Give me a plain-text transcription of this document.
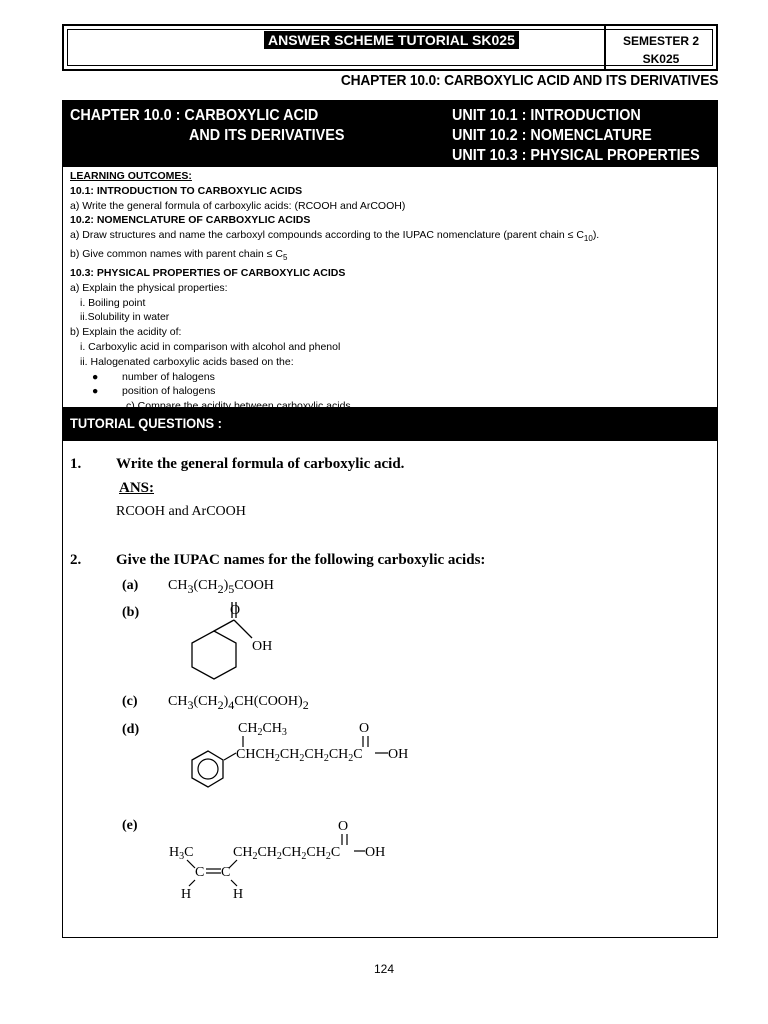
ANSWER SCHEME TUTORIAL SK025	SEMESTER 2
SK025
CHAPTER 10.0: CARBOXYLIC ACID AND ITS DERIVATIVES
CHAPTER 10.0 : CARBOXYLIC ACID
AND ITS DERIVATIVES
UNIT 10.1 : INTRODUCTION
UNIT 10.2 : NOMENCLATURE
UNIT 10.3 : PHYSICAL PROPERTIES
LEARNING OUTCOMES:
10.1: INTRODUCTION TO CARBOXYLIC ACIDS
a) Write the general formula of carboxylic acids: (RCOOH and ArCOOH)
10.2: NOMENCLATURE OF CARBOXYLIC ACIDS
a) Draw structures and name the carboxyl compounds according to the IUPAC nomenclature (parent chain ≤ $C_{10}$).
b) Give common names with parent chain ≤ $C_5$
10.3: PHYSICAL PROPERTIES OF CARBOXYLIC ACIDS
a) Explain the physical properties:
i. Boiling point
ii.Solubility in water
b) Explain the acidity of:
i. Carboxylic acid in comparison with alcohol and phenol
ii. Halogenated carboxylic acids based on the:
● number of halogens
● position of halogens
TUTORIAL QUESTIONS :
1. Write the general formula of carboxylic acid.
ANS:
RCOOH and ArCOOH
2. Give the IUPAC names for the following carboxylic acids:
(a) $CH_3(CH_2)_5COOH$
(b)	O
OH
(c) $CH_3(CH_2)_4CH(COOH)_2$
(d)	$CH_2CH_3$
$CHCH_2CH_2CH_2CH_2C$
O
OH
(e)
$H_3C$	$CH_2CH_2CH_2CH_2C$
O
OH
C C
H	H
124
